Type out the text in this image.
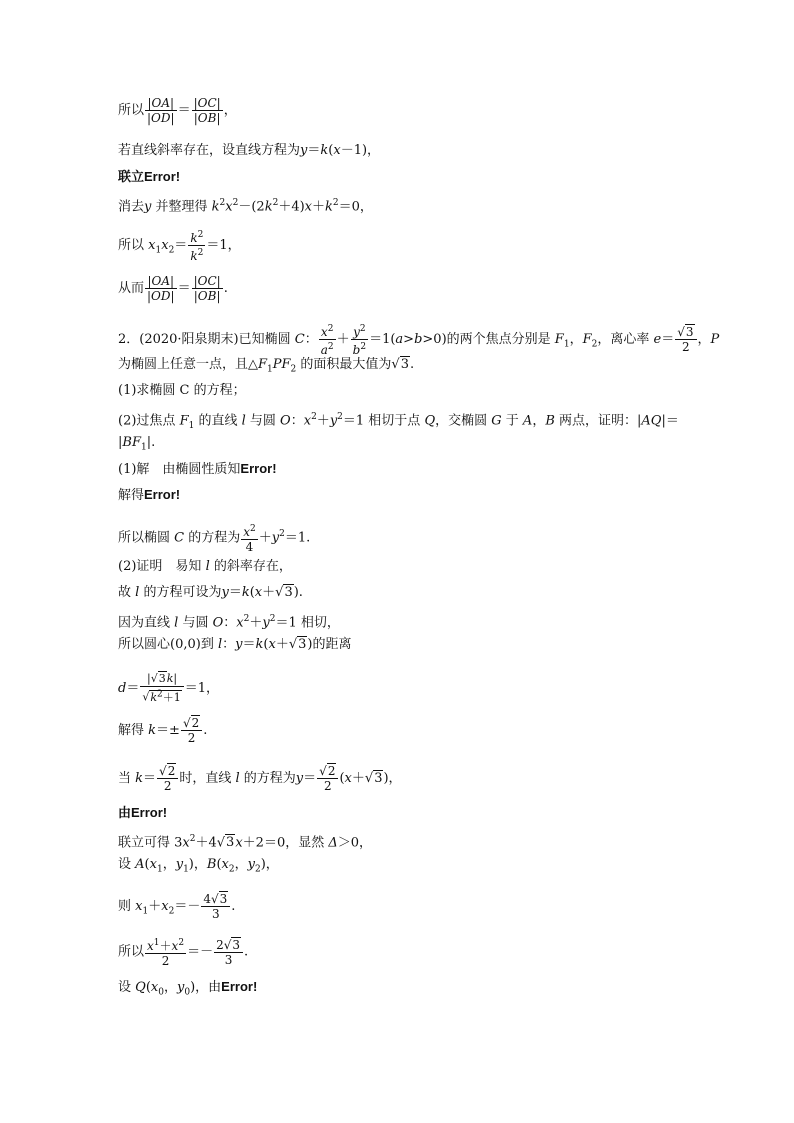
所以 $\frac{|OA|}{|OD|} = \frac{|OC|}{|OB|}$ ，
若直线斜率存在，设直线方程为y＝k(x－1)，
联立Error!
消去y 并整理得 $k^2x^2-(2k^2+4)x+k^2=0$，
所以 $x_1x_2= \frac{k^2}{k^2} =1$，
从而 $\frac{|OA|}{|OD|} = \frac{|OC|}{|OB|}$ .
2．(2020·阳泉期末)已知椭圆 C： $\frac{x^2}{a^2} + \frac{y^2}{b^2} =1(a>b>0)$的两个焦点分别是 $F_1$，$F_2$，离心率 $e= \frac{√3}{2}$ ，P
为椭圆上任意一点，且$\triangle F_1PF_2$ 的面积最大值为√3.
(1)求椭圆 C 的方程；
(2)过焦点 $F_1$ 的直线 l 与圆 O：$x^2+y^2=1$ 相切于点 Q，交椭圆 G 于 A，B 两点，证明：|AQ|＝
$|BF_1|$.
(1)解　由椭圆性质知Error!
解得Error!
所以椭圆 C 的方程为 $\frac{x^2}{4} +y^2=1$.
(2)证明　易知 l 的斜率存在，
故 l 的方程可设为y＝k(x＋√3).
因为直线 l 与圆 O：$x^2+y^2=1$ 相切，
所以圆心(0,0)到 l：y＝k(x＋√3)的距离
$d= \frac{|√3k|}{√k^2+1} =1$，
解得 $k=\pm \frac{√2}{2}$ .
当 $k= \frac{√2}{2}$ 时，直线 l 的方程为$y= \frac{√2}{2} (x+√3)$，
由Error!
联立可得 $3x^2+4√3x+2=0$，显然 Δ＞0，
设 $A(x_1$，$y_1$)，$B(x_2$，$y_2$)，
则 $x_1+x_2=- \frac{4√3}{3}$ .
所以 $\frac{x^1+x^2}{2} =- \frac{2√3}{3}$ .
设 $Q(x_0$，$y_0$)，由Error!
